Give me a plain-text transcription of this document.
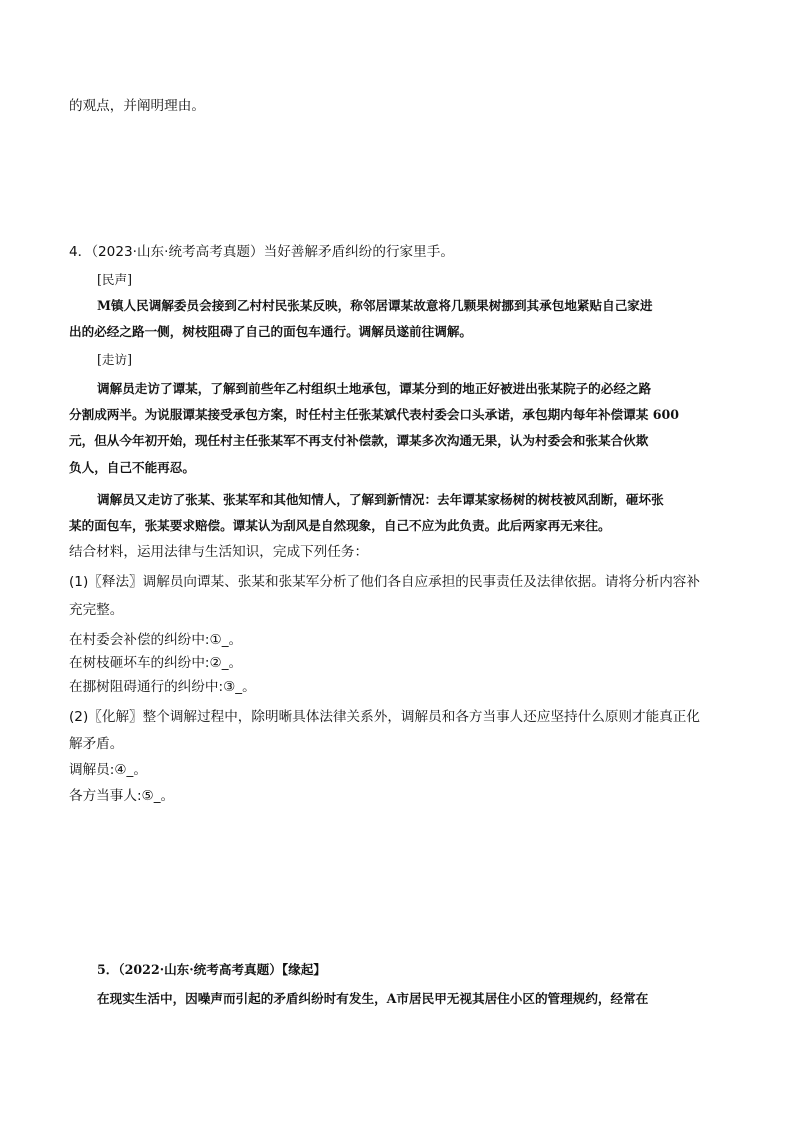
的观点，并阐明理由。
4．（2023·山东·统考高考真题）当好善解矛盾纠纷的行家里手。
[民声]
M镇人民调解委员会接到乙村村民张某反映，称邻居谭某故意将几颗果树挪到其承包地紧贴自己家进
出的必经之路一侧，树枝阻碍了自己的面包车通行。调解员遂前往调解。
[走访]
调解员走访了谭某，了解到前些年乙村组织土地承包，谭某分到的地正好被进出张某院子的必经之路
分割成两半。为说服谭某接受承包方案，时任村主任张某斌代表村委会口头承诺，承包期内每年补偿谭某 600
元，但从今年初开始，现任村主任张某军不再支付补偿款，谭某多次沟通无果，认为村委会和张某合伙欺
负人，自己不能再忍。
调解员又走访了张某、张某军和其他知情人，了解到新情况：去年谭某家杨树的树枝被风刮断，砸坏张
某的面包车，张某要求赔偿。谭某认为刮风是自然现象，自己不应为此负责。此后两家再无来往。
结合材料，运用法律与生活知识，完成下列任务：
(1)〖释法〗调解员向谭某、张某和张某军分析了他们各自应承担的民事责任及法律依据。请将分析内容补
充完整。
在村委会补偿的纠纷中:①_。
在树枝砸坏车的纠纷中:②_。
在挪树阻碍通行的纠纷中:③_。
(2)〖化解〗整个调解过程中，除明晰具体法律关系外，调解员和各方当事人还应坚持什么原则才能真正化
解矛盾。
调解员:④_。
各方当事人:⑤_。
5．（2022·山东·统考高考真题）【缘起】
在现实生活中，因噪声而引起的矛盾纠纷时有发生，A市居民甲无视其居住小区的管理规约，经常在
